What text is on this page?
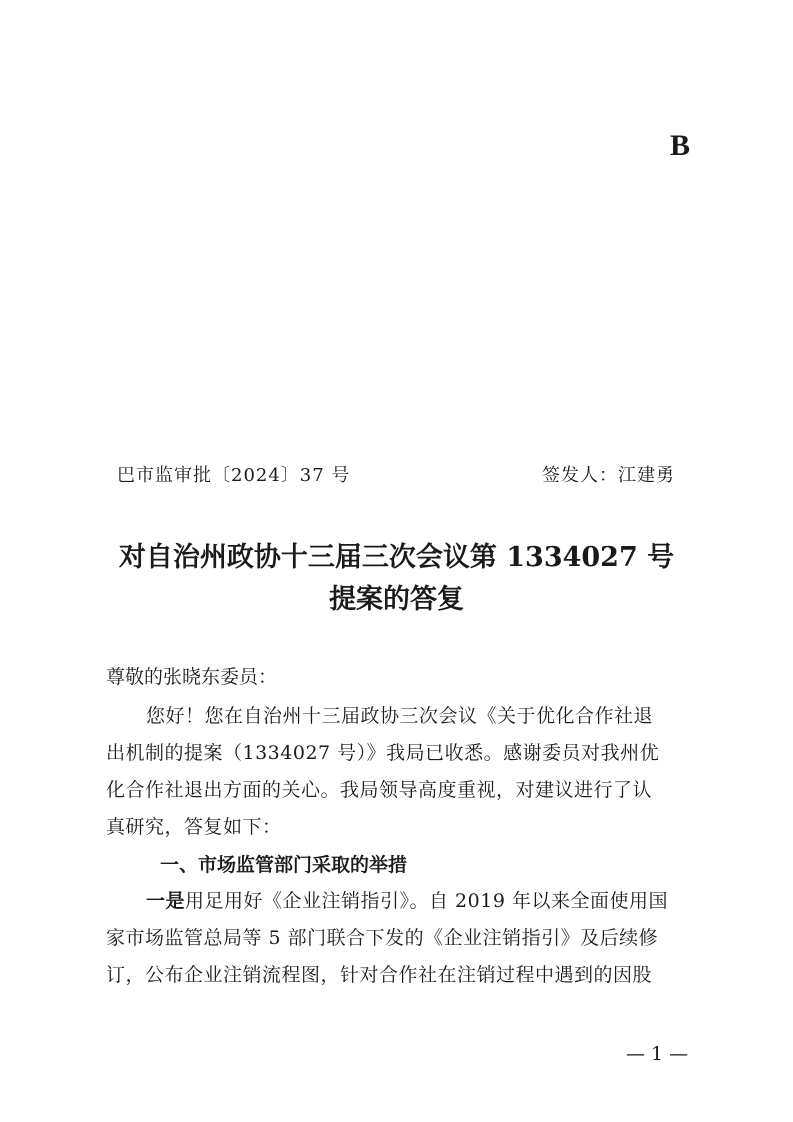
B
巴市监审批〔2024〕37 号	签发人：江建勇
对自治州政协十三届三次会议第 1334027 号
提案的答复
尊敬的张晓东委员：
您好！您在自治州十三届政协三次会议《关于优化合作社退
出机制的提案（1334027 号）》我局已收悉。感谢委员对我州优
化合作社退出方面的关心。我局领导高度重视，对建议进行了认
真研究，答复如下：
一、市场监管部门采取的举措
一是用足用好《企业注销指引》。自 2019 年以来全面使用国
家市场监管总局等 5 部门联合下发的《企业注销指引》及后续修
订，公布企业注销流程图，针对合作社在注销过程中遇到的因股
— 1 —
